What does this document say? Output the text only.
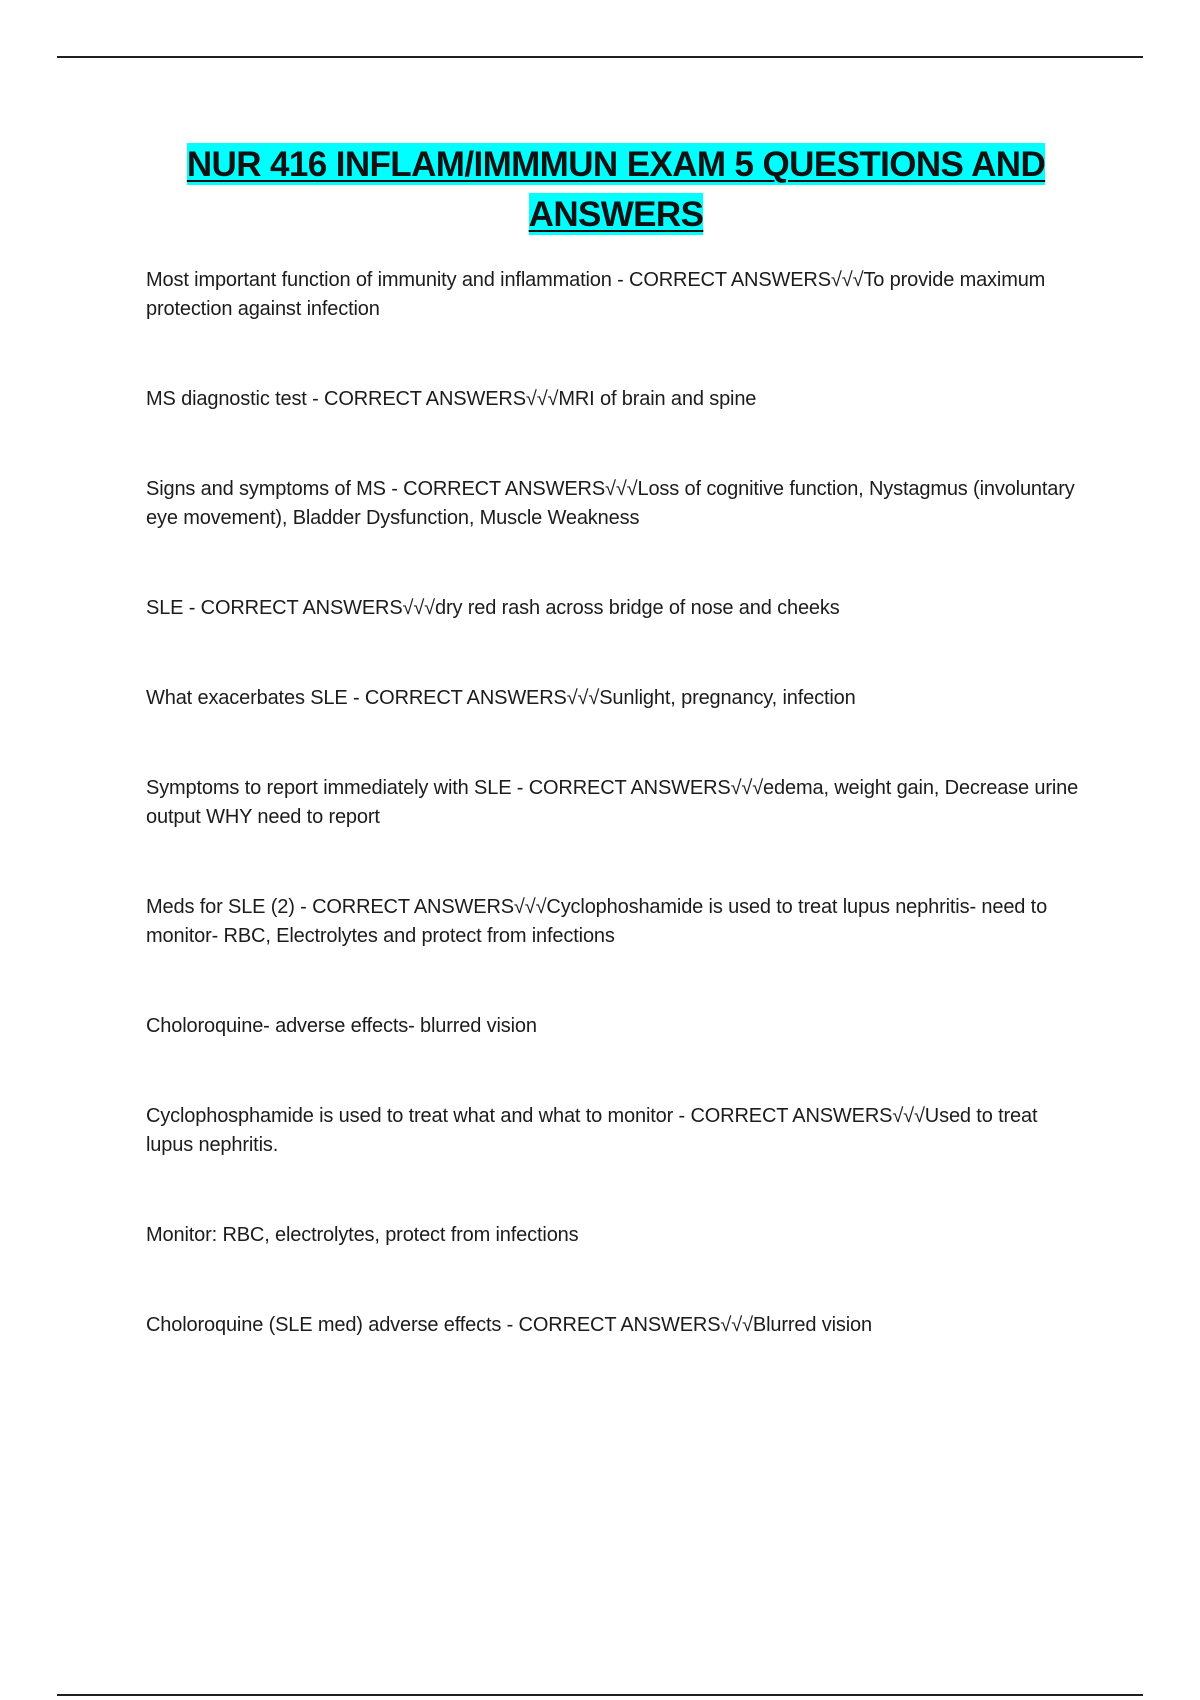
NUR 416 INFLAM/IMMMUN EXAM 5 QUESTIONS AND
ANSWERS

Most important function of immunity and inflammation - CORRECT ANSWERS√√√To provide maximum protection against infection

MS diagnostic test - CORRECT ANSWERS√√√MRI of brain and spine

Signs and symptoms of MS - CORRECT ANSWERS√√√Loss of cognitive function, Nystagmus (involuntary eye movement), Bladder Dysfunction, Muscle Weakness

SLE - CORRECT ANSWERS√√√dry red rash across bridge of nose and cheeks

What exacerbates SLE - CORRECT ANSWERS√√√Sunlight, pregnancy, infection

Symptoms to report immediately with SLE - CORRECT ANSWERS√√√edema, weight gain, Decrease urine output WHY need to report

Meds for SLE (2) - CORRECT ANSWERS√√√Cyclophoshamide is used to treat lupus nephritis- need to monitor- RBC, Electrolytes and protect from infections

Choloroquine- adverse effects- blurred vision

Cyclophosphamide is used to treat what and what to monitor - CORRECT ANSWERS√√√Used to treat lupus nephritis.

Monitor: RBC, electrolytes, protect from infections

Choloroquine (SLE med) adverse effects - CORRECT ANSWERS√√√Blurred vision
